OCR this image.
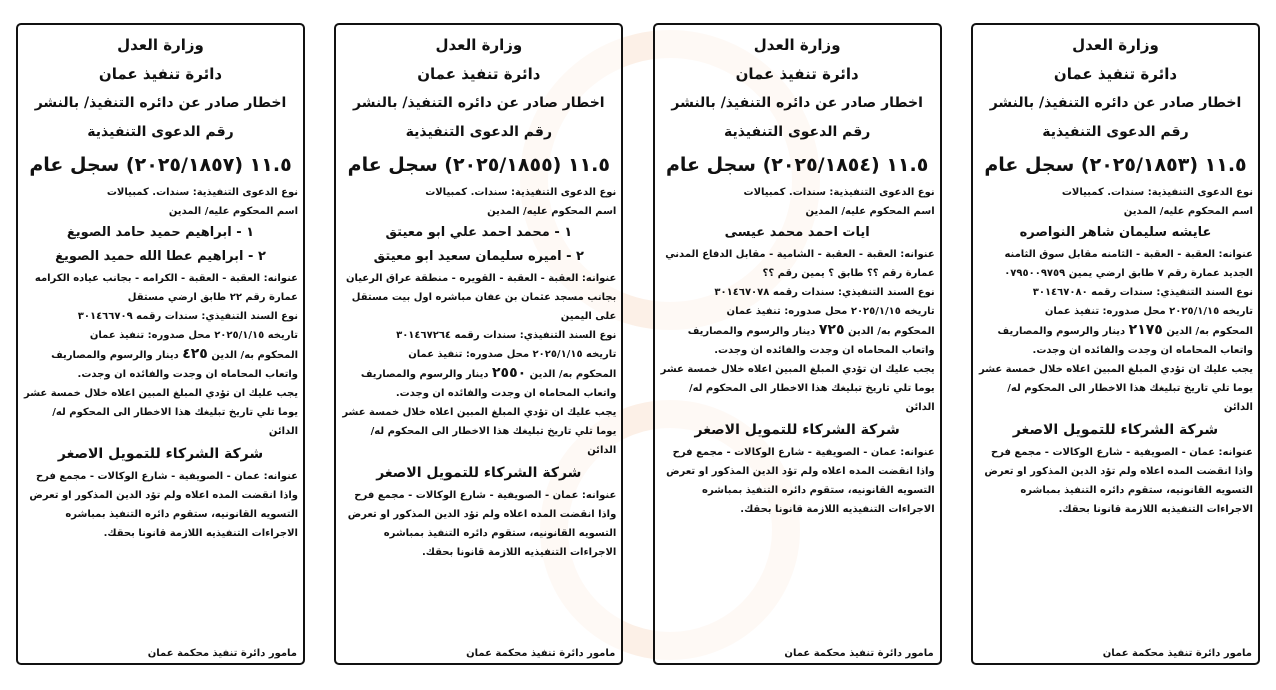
وزارة العدل
دائرة تنفيذ عمان
اخطار صادر عن دائره التنفيذ/ بالنشر
رقم الدعوى التنفيذية
١١.٥ (٢٠٢٥/١٨٥٣) سجل عام
نوع الدعوى التنفيذية: سندات. كمبيالات
اسم المحكوم عليه/ المدين
عايشه سليمان شاهر النواصره
عنوانه: العقبة - العقبة - الثامنه مقابل سوق الثامنه الجديد عمارة رقم ٧ طابق ارضي يمين ٠٧٩٥٠٠٩٧٥٩
نوع السند التنفيذي: سندات رقمه ٣٠١٤٦٧٠٨٠
تاريخه ٢٠٢٥/١/١٥ محل صدوره: تنفيذ عمان
المحكوم به/ الدين ٢١٧٥ دينار والرسوم والمصاريف واتعاب المحاماه ان وجدت والفائده ان وجدت.
يجب عليك ان تؤدي المبلغ المبين اعلاه خلال خمسة عشر يوما تلي تاريخ تبليغك هذا الاخطار الى المحكوم له/ الدائن
شركة الشركاء للتمويل الاصغر
عنوانه: عمان - الصويفية - شارع الوكالات - مجمع فرح
واذا انقضت المده اعلاه ولم تؤد الدين المذكور او تعرض التسويه القانونيه، ستقوم دائره التنفيذ بمباشره الاجراءات التنفيذيه اللازمة قانونا بحقك.
مامور دائرة تنفيذ محكمة عمان
وزارة العدل
دائرة تنفيذ عمان
اخطار صادر عن دائره التنفيذ/ بالنشر
رقم الدعوى التنفيذية
١١.٥ (٢٠٢٥/١٨٥٤) سجل عام
نوع الدعوى التنفيذية: سندات. كمبيالات
اسم المحكوم عليه/ المدين
ايات احمد محمد عيسى
عنوانه: العقبة - العقبة - الشامية - مقابل الدفاع المدني عمارة رقم ؟؟ طابق ؟ يمين رقم ؟؟
نوع السند التنفيذي: سندات رقمه ٣٠١٤٦٧٠٧٨
تاريخه ٢٠٢٥/١/١٥ محل صدوره: تنفيذ عمان
المحكوم به/ الدين ٧٢٥ دينار والرسوم والمصاريف واتعاب المحاماه ان وجدت والفائده ان وجدت.
يجب عليك ان تؤدي المبلغ المبين اعلاه خلال خمسة عشر يوما تلي تاريخ تبليغك هذا الاخطار الى المحكوم له/ الدائن
شركة الشركاء للتمويل الاصغر
عنوانه: عمان - الصويفية - شارع الوكالات - مجمع فرح
واذا انقضت المده اعلاه ولم تؤد الدين المذكور او تعرض التسويه القانونيه، ستقوم دائره التنفيذ بمباشره الاجراءات التنفيذيه اللازمة قانونا بحقك.
مامور دائرة تنفيذ محكمة عمان
وزارة العدل
دائرة تنفيذ عمان
اخطار صادر عن دائره التنفيذ/ بالنشر
رقم الدعوى التنفيذية
١١.٥ (٢٠٢٥/١٨٥٥) سجل عام
نوع الدعوى التنفيذية: سندات. كمبيالات
اسم المحكوم عليه/ المدين
١ - محمد احمد علي ابو معيتق
٢ - اميره سليمان سعيد ابو معيتق
عنوانه: العقبة - العقبة - القويره - منطقة عراق الرعيان بجانب مسجد عثمان بن عفان مباشره اول بيت مستقل على اليمين
نوع السند التنفيذي: سندات رقمه ٣٠١٤٦٧٢٦٤
تاريخه ٢٠٢٥/١/١٥ محل صدوره: تنفيذ عمان
المحكوم به/ الدين ٢٥٥٠ دينار والرسوم والمصاريف واتعاب المحاماه ان وجدت والفائده ان وجدت.
يجب عليك ان تؤدي المبلغ المبين اعلاه خلال خمسة عشر يوما تلي تاريخ تبليغك هذا الاخطار الى المحكوم له/ الدائن
شركة الشركاء للتمويل الاصغر
عنوانه: عمان - الصويفية - شارع الوكالات - مجمع فرح
واذا انقضت المده اعلاه ولم تؤد الدين المذكور او تعرض التسويه القانونيه، ستقوم دائره التنفيذ بمباشره الاجراءات التنفيذيه اللازمة قانونا بحقك.
مامور دائرة تنفيذ محكمة عمان
وزارة العدل
دائرة تنفيذ عمان
اخطار صادر عن دائره التنفيذ/ بالنشر
رقم الدعوى التنفيذية
١١.٥ (٢٠٢٥/١٨٥٧) سجل عام
نوع الدعوى التنفيذية: سندات. كمبيالات
اسم المحكوم عليه/ المدين
١ - ابراهيم حميد حامد الصويغ
٢ - ابراهيم عطا الله حميد الصويغ
عنوانه: العقبة - العقبة - الكرامه - بجانب عياده الكرامه عمارة رقم ٢٢ طابق ارضي مستقل
نوع السند التنفيذي: سندات رقمه ٣٠١٤٦٦٧٠٩
تاريخه ٢٠٢٥/١/١٥ محل صدوره: تنفيذ عمان
المحكوم به/ الدين ٤٢٥ دينار والرسوم والمصاريف واتعاب المحاماه ان وجدت والفائده ان وجدت.
يجب عليك ان تؤدي المبلغ المبين اعلاه خلال خمسة عشر يوما تلي تاريخ تبليغك هذا الاخطار الى المحكوم له/ الدائن
شركة الشركاء للتمويل الاصغر
عنوانه: عمان - الصويفية - شارع الوكالات - مجمع فرح
واذا انقضت المده اعلاه ولم تؤد الدين المذكور او تعرض التسويه القانونيه، ستقوم دائره التنفيذ بمباشره الاجراءات التنفيذيه اللازمة قانونا بحقك.
مامور دائرة تنفيذ محكمة عمان
